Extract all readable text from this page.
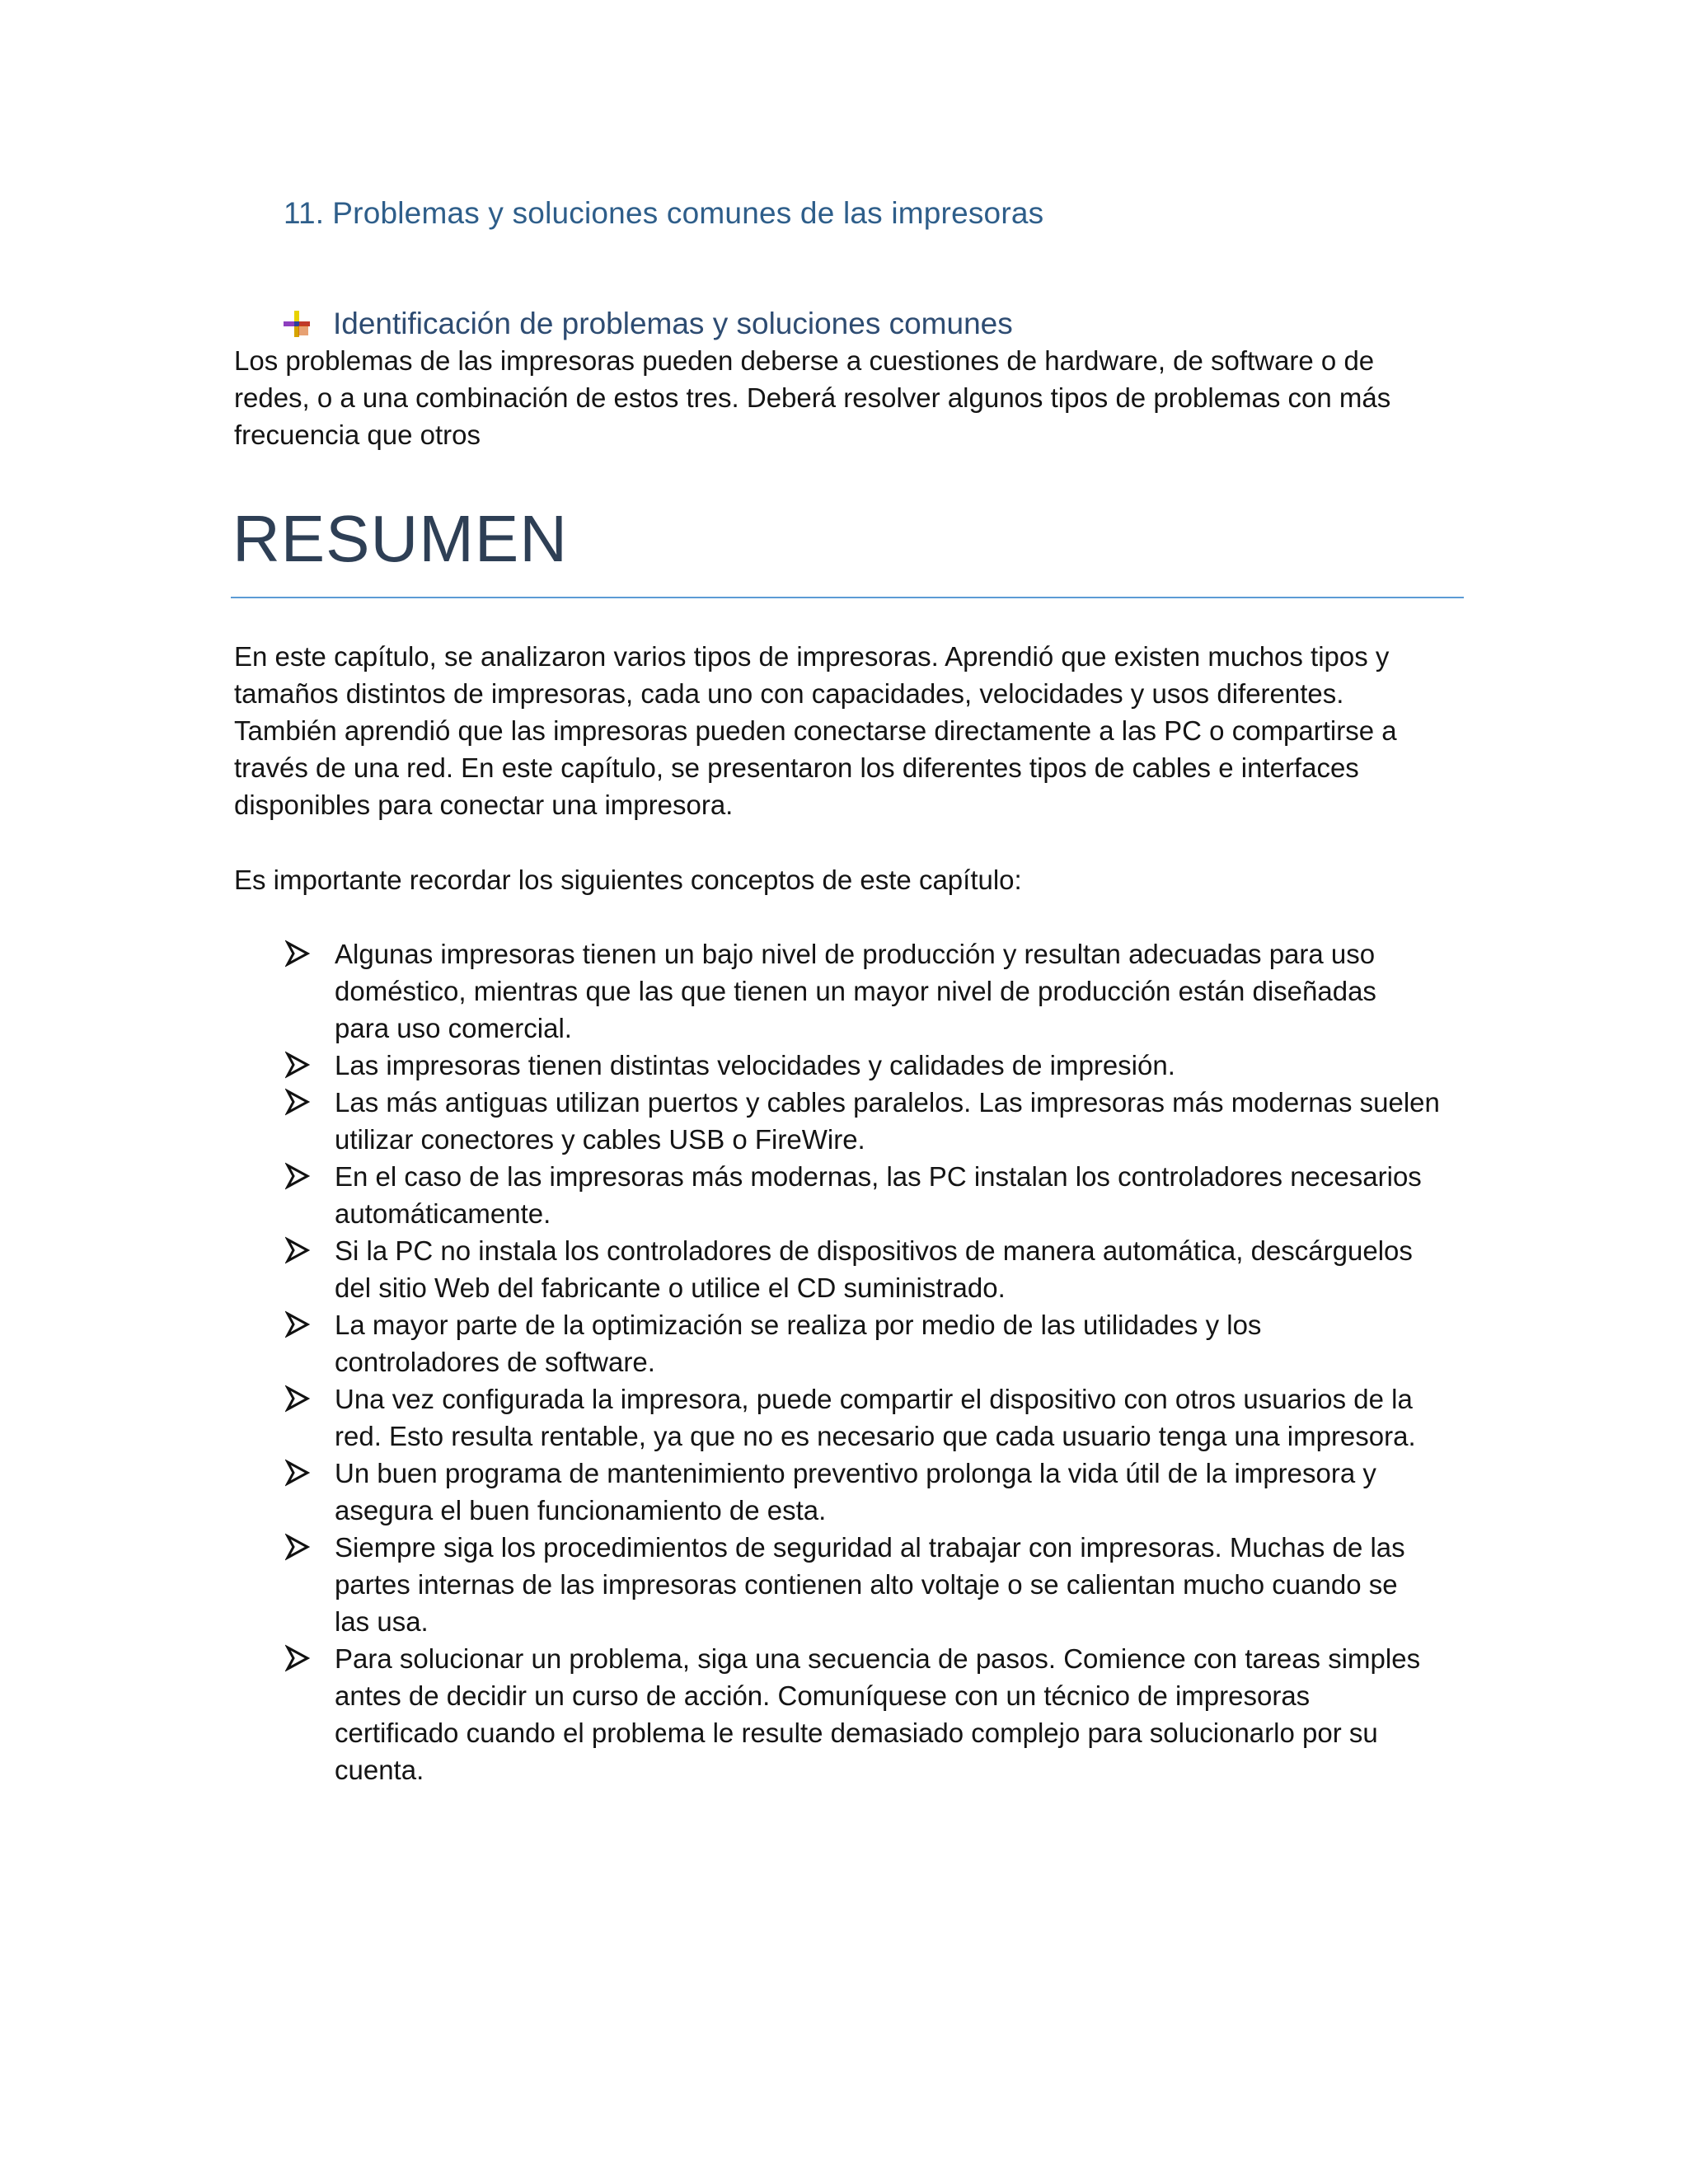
11. Problemas y soluciones comunes de las impresoras
Identificación de problemas y soluciones comunes
Los problemas de las impresoras pueden deberse a cuestiones de hardware, de software o de
redes, o a una combinación de estos tres. Deberá resolver algunos tipos de problemas con más
frecuencia que otros
RESUMEN
En este capítulo, se analizaron varios tipos de impresoras. Aprendió que existen muchos tipos y
tamaños distintos de impresoras, cada uno con capacidades, velocidades y usos diferentes.
También aprendió que las impresoras pueden conectarse directamente a las PC o compartirse a
través de una red. En este capítulo, se presentaron los diferentes tipos de cables e interfaces
disponibles para conectar una impresora.
Es importante recordar los siguientes conceptos de este capítulo:
Algunas impresoras tienen un bajo nivel de producción y resultan adecuadas para uso
doméstico, mientras que las que tienen un mayor nivel de producción están diseñadas
para uso comercial.
Las impresoras tienen distintas velocidades y calidades de impresión.
Las más antiguas utilizan puertos y cables paralelos. Las impresoras más modernas suelen
utilizar conectores y cables USB o FireWire.
En el caso de las impresoras más modernas, las PC instalan los controladores necesarios
automáticamente.
Si la PC no instala los controladores de dispositivos de manera automática, descárguelos
del sitio Web del fabricante o utilice el CD suministrado.
La mayor parte de la optimización se realiza por medio de las utilidades y los
controladores de software.
Una vez configurada la impresora, puede compartir el dispositivo con otros usuarios de la
red. Esto resulta rentable, ya que no es necesario que cada usuario tenga una impresora.
Un buen programa de mantenimiento preventivo prolonga la vida útil de la impresora y
asegura el buen funcionamiento de esta.
Siempre siga los procedimientos de seguridad al trabajar con impresoras. Muchas de las
partes internas de las impresoras contienen alto voltaje o se calientan mucho cuando se
las usa.
Para solucionar un problema, siga una secuencia de pasos. Comience con tareas simples
antes de decidir un curso de acción. Comuníquese con un técnico de impresoras
certificado cuando el problema le resulte demasiado complejo para solucionarlo por su
cuenta.
